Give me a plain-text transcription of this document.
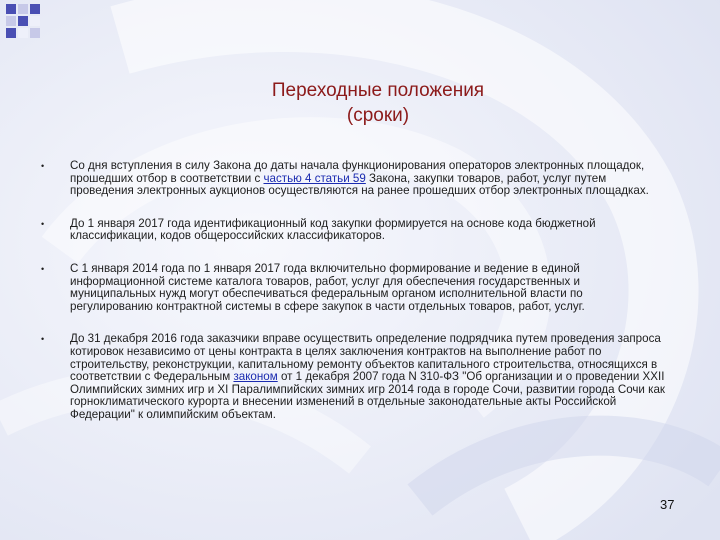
Переходные положения
(сроки)
• Со дня вступления в силу Закона до даты начала функционирования операторов электронных площадок, прошедших отбор в соответствии с частью 4 статьи 59 Закона, закупки товаров, работ, услуг путем проведения электронных аукционов осуществляются на ранее прошедших отбор электронных площадках.
• До 1 января 2017 года идентификационный код закупки формируется на основе кода бюджетной классификации, кодов общероссийских классификаторов.
• С 1 января 2014 года по 1 января 2017 года включительно формирование и ведение в единой информационной системе каталога товаров, работ, услуг для обеспечения государственных и муниципальных нужд могут обеспечиваться федеральным органом исполнительной власти по регулированию контрактной системы в сфере закупок в части отдельных товаров, работ, услуг.
• До 31 декабря 2016 года заказчики вправе осуществить определение подрядчика путем проведения запроса котировок независимо от цены контракта в целях заключения контрактов на выполнение работ по строительству, реконструкции, капитальному ремонту объектов капитального строительства, относящихся в соответствии с Федеральным законом от 1 декабря 2007 года N 310-ФЗ "Об организации и о проведении XXII Олимпийских зимних игр и XI Паралимпийских зимних игр 2014 года в городе Сочи, развитии города Сочи как горноклиматического курорта и внесении изменений в отдельные законодательные акты Российской Федерации" к олимпийским объектам.
37
